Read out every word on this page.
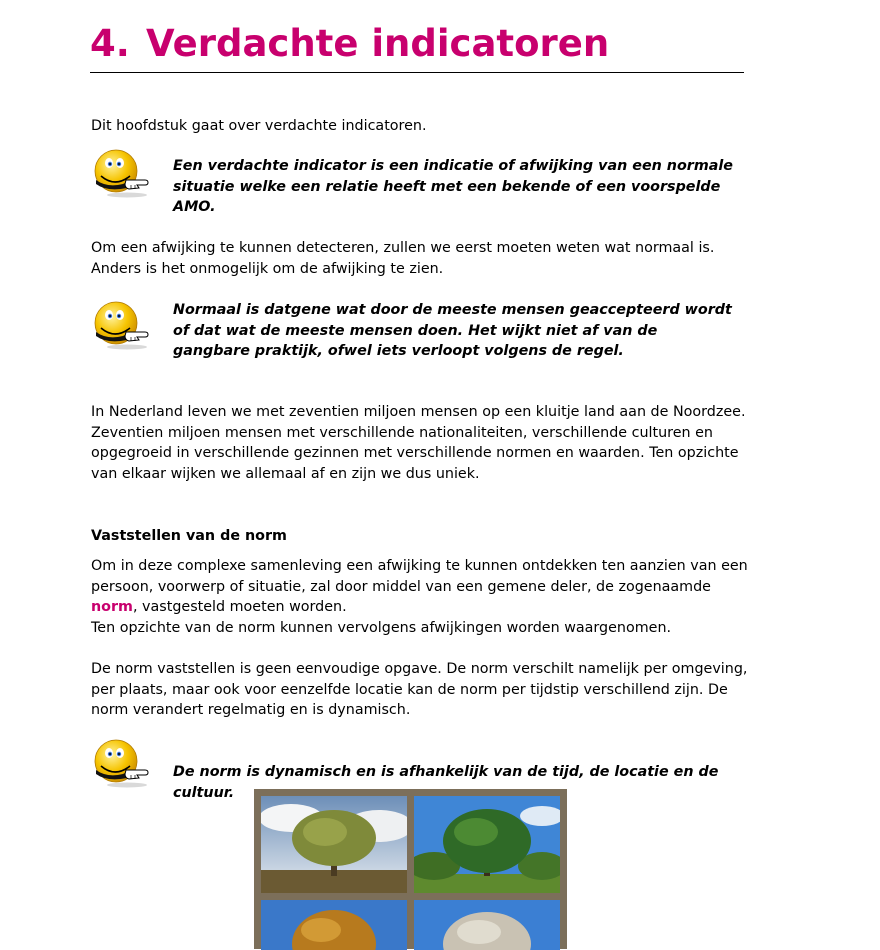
4. Verdachte indicatoren
Dit hoofdstuk gaat over verdachte indicatoren.
Een verdachte indicator is een indicatie of afwijking van een normale situatie welke een relatie heeft met een bekende of een voorspelde AMO.
Om een afwijking te kunnen detecteren, zullen we eerst moeten weten wat normaal is. Anders is het onmogelijk om de afwijking te zien.
Normaal is datgene wat door de meeste mensen geaccepteerd wordt of dat wat de meeste mensen doen. Het wijkt niet af van de gangbare praktijk, ofwel iets verloopt volgens de regel.
In Nederland leven we met zeventien miljoen mensen op een kluitje land aan de Noordzee. Zeventien miljoen mensen met verschillende nationaliteiten, verschillende culturen en opgegroeid in verschillende gezinnen met verschillende normen en waarden. Ten opzichte van elkaar wijken we allemaal af en zijn we dus uniek.
Vaststellen van de norm
Om in deze complexe samenleving een afwijking te kunnen ontdekken ten aanzien van een persoon, voorwerp of situatie, zal door middel van een gemene deler, de zogenaamde norm, vastgesteld moeten worden.
Ten opzichte van de norm kunnen vervolgens afwijkingen worden waargenomen.
De norm vaststellen is geen eenvoudige opgave. De norm verschilt namelijk per omgeving, per plaats, maar ook voor eenzelfde locatie kan de norm per tijdstip verschillend zijn. De norm verandert regelmatig en is dynamisch.
De norm is dynamisch en is afhankelijk van de tijd, de locatie en de cultuur.
